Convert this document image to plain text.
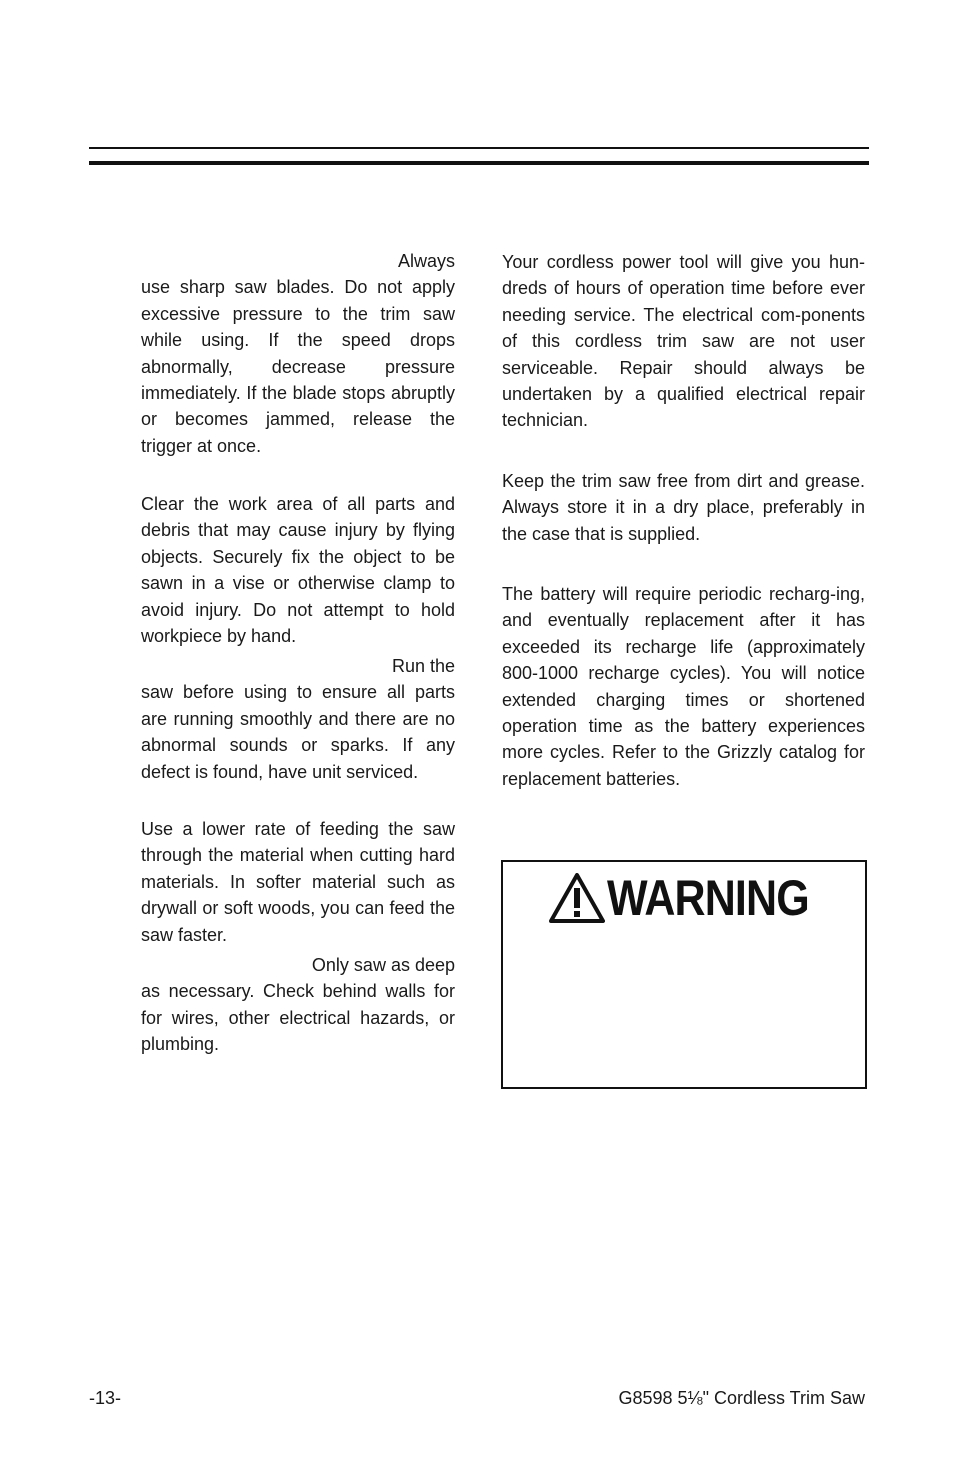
Always

use sharp saw blades. Do not apply excessive pressure to the trim saw while using. If the speed drops abnormally, decrease pressure immediately. If the blade stops abruptly or becomes jammed, release the trigger at once.

Clear the work area of all parts and debris that may cause injury by flying objects. Securely fix the object to be sawn in a vise or otherwise clamp to avoid injury. Do not attempt to hold workpiece by hand.

Run the

saw before using to ensure all parts are running smoothly and there are no abnormal sounds or sparks. If any defect is found, have unit serviced.

Use a lower rate of feeding the saw through the material when cutting hard materials. In softer material such as drywall or soft woods, you can feed the saw faster.

Only saw as deep

as necessary. Check behind walls for for wires, other electrical hazards, or plumbing.

Your cordless power tool will give you hun-dreds of hours of operation time before ever needing service. The electrical com-ponents of this cordless trim saw are not user serviceable. Repair should always be undertaken by a qualified electrical repair technician.

Keep the trim saw free from dirt and grease. Always store it in a dry place, preferably in the case that is supplied.

The battery will require periodic recharg-ing, and eventually replacement after it has exceeded its recharge life (approximately 800-1000 recharge cycles). You will notice extended charging times or shortened operation time as the battery experiences more cycles. Refer to the Grizzly catalog for replacement batteries.

WARNING
-13-	G8598 5⅛" Cordless Trim Saw
